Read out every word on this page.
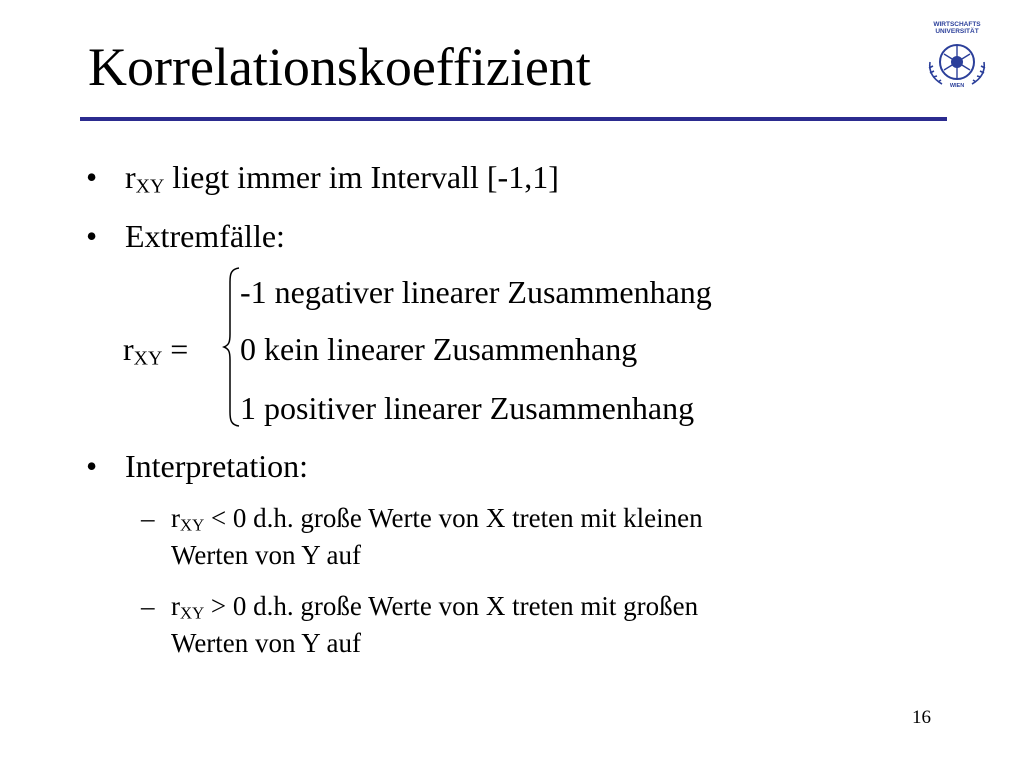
Korrelationskoeffizient
WIRTSCHAFTS
UNIVERSITÄT
WIEN
• $r_{XY}$ liegt immer im Intervall [-1,1]
• Extremfälle:
$r_{XY}$ =
-1 negativer linearer Zusammenhang
0 kein linearer Zusammenhang
1 positiver linearer Zusammenhang
• Interpretation:
– $r_{XY} < 0$ d.h. große Werte von X treten mit kleinen
Werten von Y auf
– $r_{XY} > 0$ d.h. große Werte von X treten mit großen
Werten von Y auf
16
